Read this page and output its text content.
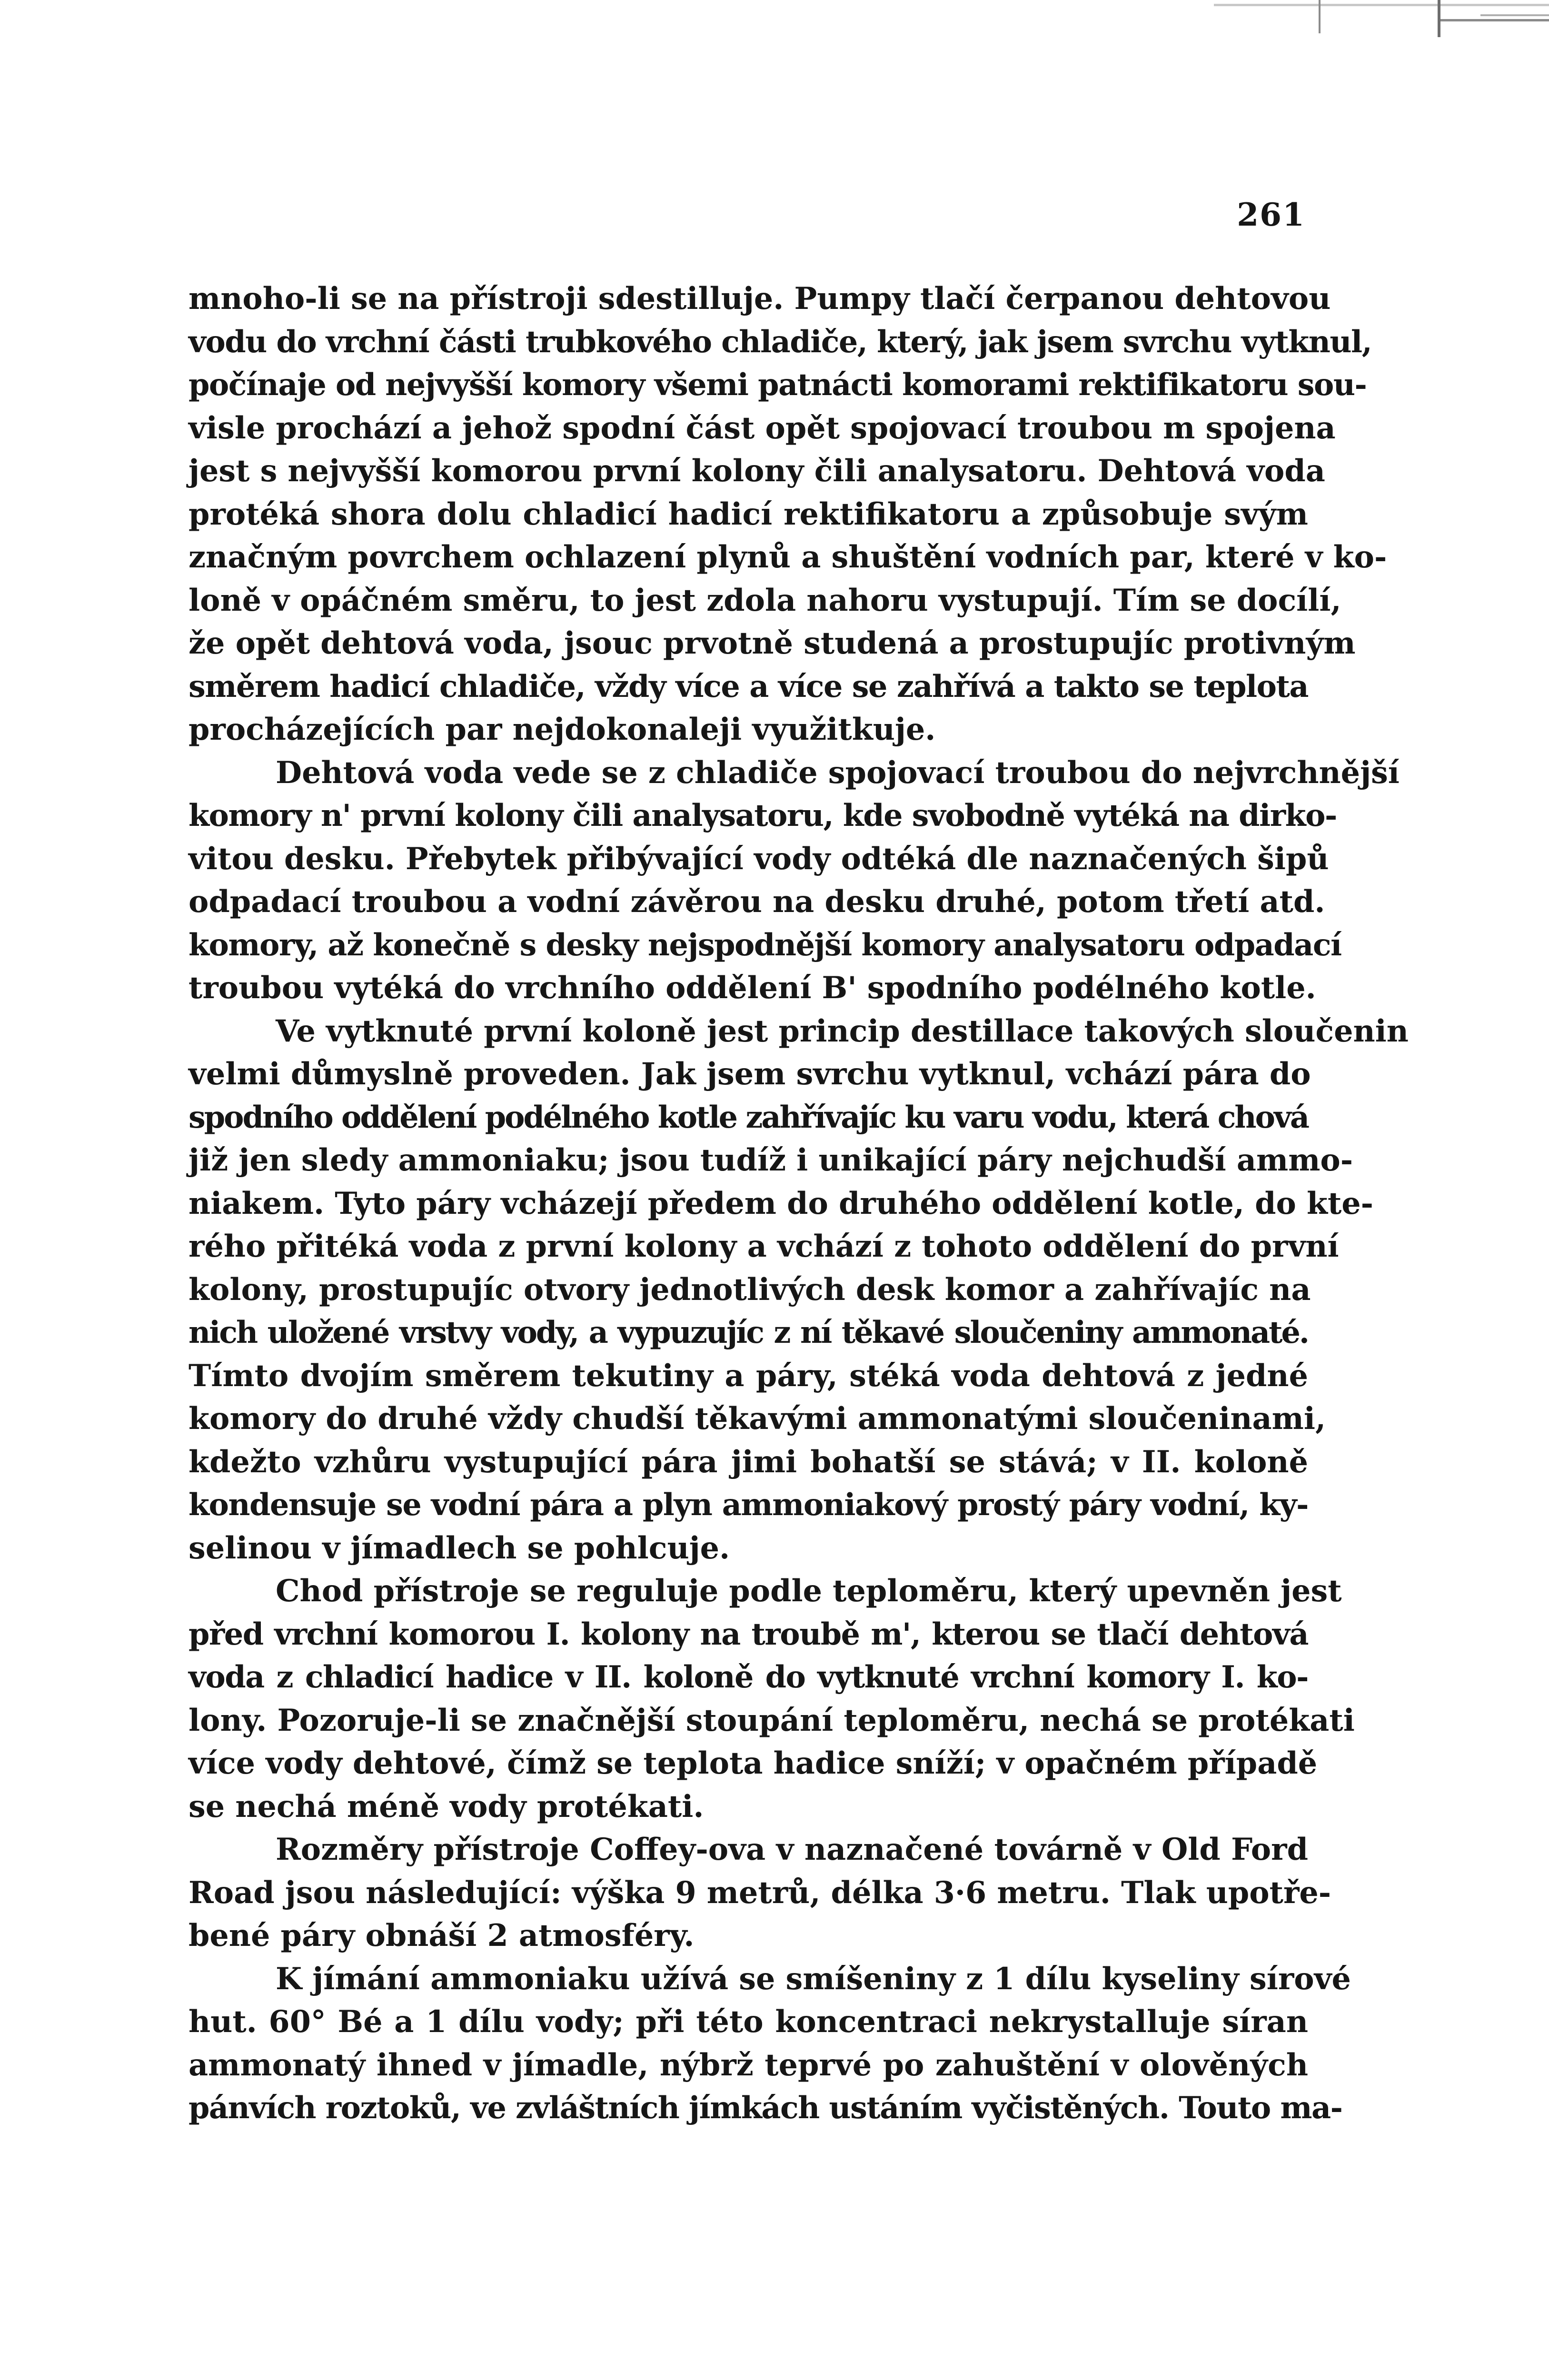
261
mnoho-li se na přístroji sdestilluje. Pumpy tlačí čerpanou dehtovou
vodu do vrchní části trubkového chladiče, který, jak jsem svrchu vytknul,
počínaje od nejvyšší komory všemi patnácti komorami rektifikatoru sou-
visle prochází a jehož spodní část opět spojovací troubou m spojena
jest s nejvyšší komorou první kolony čili analysatoru. Dehtová voda
protéká shora dolu chladicí hadicí rektifikatoru a způsobuje svým
značným povrchem ochlazení plynů a shuštění vodních par, které v ko-
loně v opáčném směru, to jest zdola nahoru vystupují. Tím se docílí,
že opět dehtová voda, jsouc prvotně studená a prostupujíc protivným
směrem hadicí chladiče, vždy více a více se zahřívá a takto se teplota
procházejících par nejdokonaleji využitkuje.
Dehtová voda vede se z chladiče spojovací troubou do nejvrchnější
komory n' první kolony čili analysatoru, kde svobodně vytéká na dirko-
vitou desku. Přebytek přibývající vody odtéká dle naznačených šipů
odpadací troubou a vodní závěrou na desku druhé, potom třetí atd.
komory, až konečně s desky nejspodnější komory analysatoru odpadací
troubou vytéká do vrchního oddělení B' spodního podélného kotle.
Ve vytknuté první koloně jest princip destillace takových sloučenin
velmi důmyslně proveden. Jak jsem svrchu vytknul, vchází pára do
spodního oddělení podélného kotle zahřívajíc ku varu vodu, která chová
již jen sledy ammoniaku; jsou tudíž i unikající páry nejchudší ammo-
niakem. Tyto páry vcházejí předem do druhého oddělení kotle, do kte-
rého přitéká voda z první kolony a vchází z tohoto oddělení do první
kolony, prostupujíc otvory jednotlivých desk komor a zahřívajíc na
nich uložené vrstvy vody, a vypuzujíc z ní těkavé sloučeniny ammonaté.
Tímto dvojím směrem tekutiny a páry, stéká voda dehtová z jedné
komory do druhé vždy chudší těkavými ammonatými sloučeninami,
kdežto vzhůru vystupující pára jimi bohatší se stává; v II. koloně
kondensuje se vodní pára a plyn ammoniakový prostý páry vodní, ky-
selinou v jímadlech se pohlcuje.
Chod přístroje se reguluje podle teploměru, který upevněn jest
před vrchní komorou I. kolony na troubě m', kterou se tlačí dehtová
voda z chladicí hadice v II. koloně do vytknuté vrchní komory I. ko-
lony. Pozoruje-li se značnější stoupání teploměru, nechá se protékati
více vody dehtové, čímž se teplota hadice sníží; v opačném případě
se nechá méně vody protékati.
Rozměry přístroje Coffey-ova v naznačené továrně v Old Ford
Road jsou následující: výška 9 metrů, délka 3·6 metru. Tlak upotře-
bené páry obnáší 2 atmosféry.
K jímání ammoniaku užívá se smíšeniny z 1 dílu kyseliny sírové
hut. 60° Bé a 1 dílu vody; při této koncentraci nekrystalluje síran
ammonatý ihned v jímadle, nýbrž teprvé po zahuštění v olověných
pánvích roztoků, ve zvláštních jímkách ustáním vyčistěných. Touto ma-
